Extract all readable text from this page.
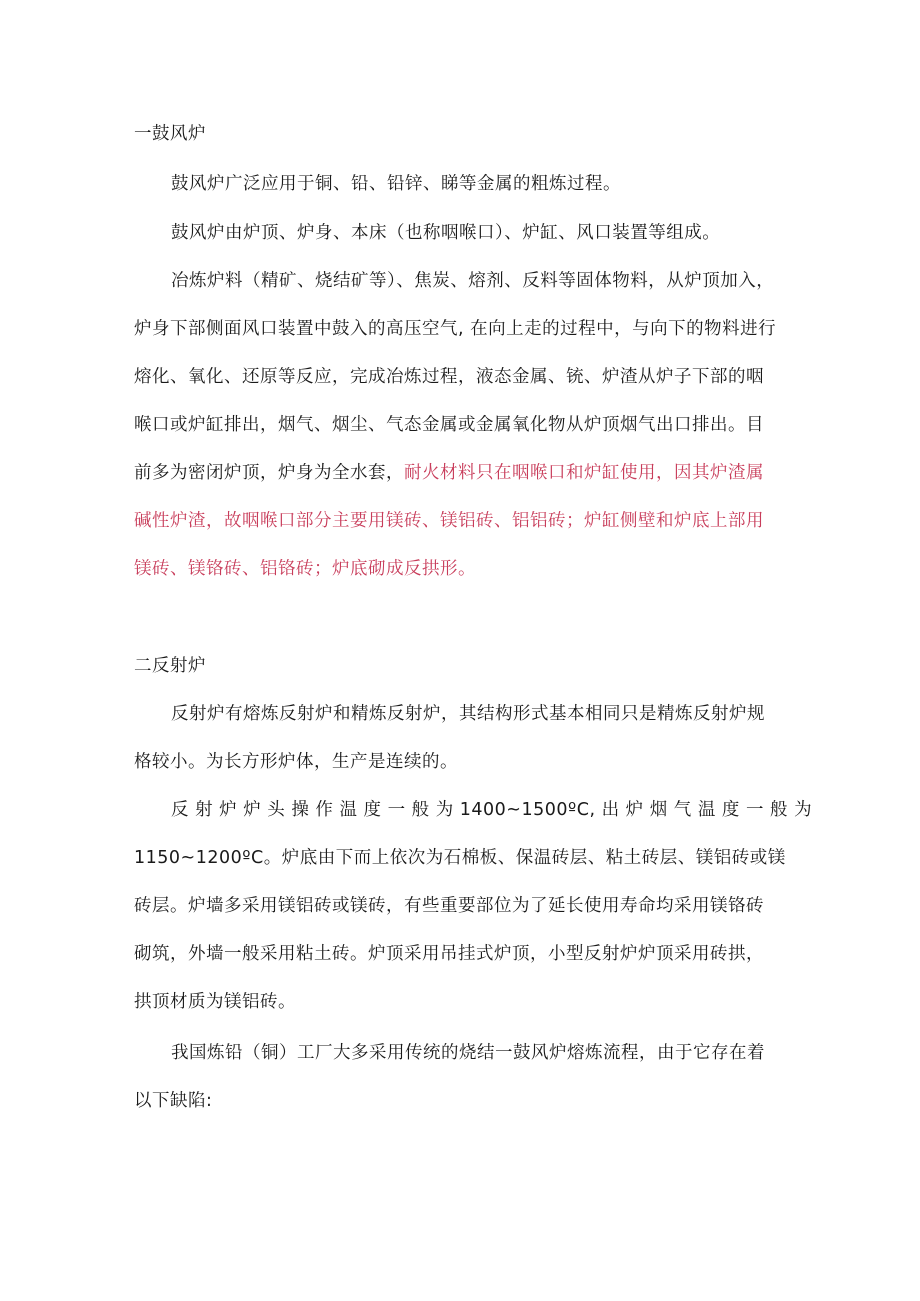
一鼓风炉
鼓风炉广泛应用于铜、铅、铅锌、睇等金属的粗炼过程。
鼓风炉由炉顶、炉身、本床（也称咽喉口）、炉缸、风口装置等组成。
冶炼炉料（精矿、烧结矿等）、焦炭、熔剂、反料等固体物料，从炉顶加入，
炉身下部侧面风口装置中鼓入的高压空气, 在向上走的过程中，与向下的物料进行
熔化、氧化、还原等反应，完成冶炼过程，液态金属、铳、炉渣从炉子下部的咽
喉口或炉缸排出，烟气、烟尘、气态金属或金属氧化物从炉顶烟气出口排出。目
前多为密闭炉顶，炉身为全水套，耐火材料只在咽喉口和炉缸使用，因其炉渣属
碱性炉渣，故咽喉口部分主要用镁砖、镁铝砖、铝铝砖；炉缸侧壁和炉底上部用
镁砖、镁铬砖、铝铬砖；炉底砌成反拱形。
二反射炉
反射炉有熔炼反射炉和精炼反射炉，其结构形式基本相同只是精炼反射炉规
格较小。为长方形炉体，生产是连续的。
反 射 炉 炉 头 操 作 温 度 一 般 为 1400~1500ºC, 出 炉 烟 气 温 度 一 般 为
1150~1200ºC。炉底由下而上依次为石棉板、保温砖层、粘土砖层、镁铝砖或镁
砖层。炉墙多采用镁铝砖或镁砖，有些重要部位为了延长使用寿命均采用镁铬砖
砌筑，外墙一般采用粘土砖。炉顶采用吊挂式炉顶，小型反射炉炉顶采用砖拱，
拱顶材质为镁铝砖。
我国炼铅（铜）工厂大多采用传统的烧结一鼓风炉熔炼流程，由于它存在着
以下缺陷:
